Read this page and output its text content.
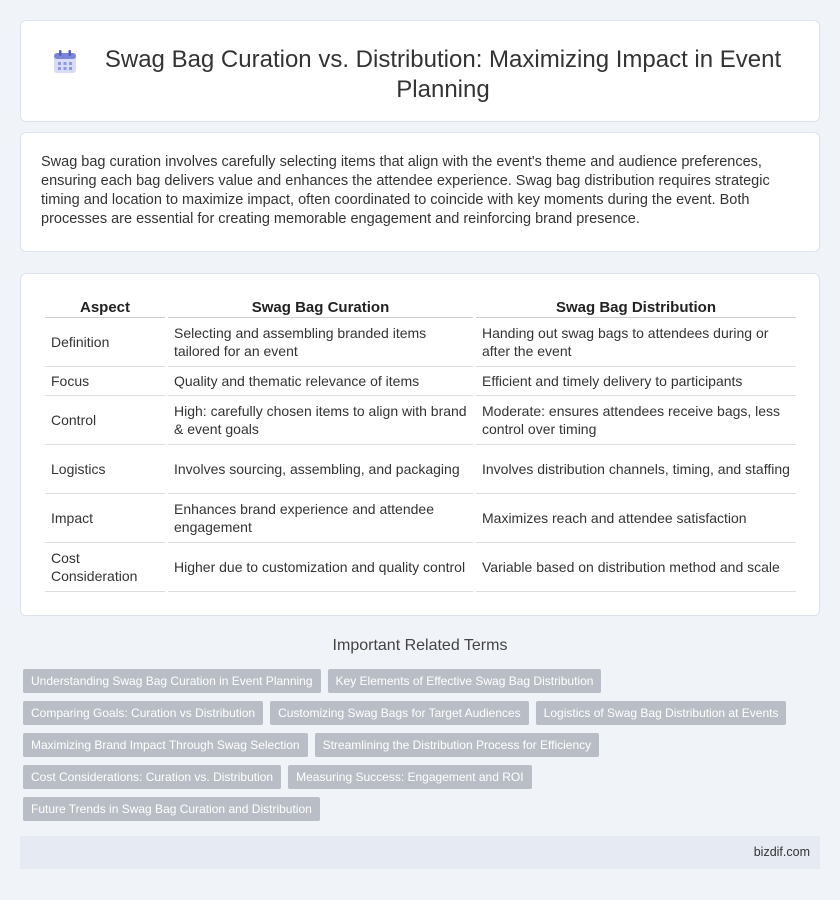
Swag Bag Curation vs. Distribution: Maximizing Impact in Event Planning

Swag bag curation involves carefully selecting items that align with the event's theme and audience preferences, ensuring each bag delivers value and enhances the attendee experience. Swag bag distribution requires strategic timing and location to maximize impact, often coordinated to coincide with key moments during the event. Both processes are essential for creating memorable engagement and reinforcing brand presence.

Aspect	Swag Bag Curation	Swag Bag Distribution
Definition	Selecting and assembling branded items tailored for an event	Handing out swag bags to attendees during or after the event
Focus	Quality and thematic relevance of items	Efficient and timely delivery to participants
Control	High: carefully chosen items to align with brand & event goals	Moderate: ensures attendees receive bags, less control over timing
Logistics	Involves sourcing, assembling, and packaging	Involves distribution channels, timing, and staffing
Impact	Enhances brand experience and attendee engagement	Maximizes reach and attendee satisfaction
Cost Consideration	Higher due to customization and quality control	Variable based on distribution method and scale
Important Related Terms
Understanding Swag Bag Curation in Event Planning	Key Elements of Effective Swag Bag Distribution
Comparing Goals: Curation vs Distribution	Customizing Swag Bags for Target Audiences	Logistics of Swag Bag Distribution at Events
Maximizing Brand Impact Through Swag Selection	Streamlining the Distribution Process for Efficiency
Cost Considerations: Curation vs. Distribution	Measuring Success: Engagement and ROI
Future Trends in Swag Bag Curation and Distribution
bizdif.com
